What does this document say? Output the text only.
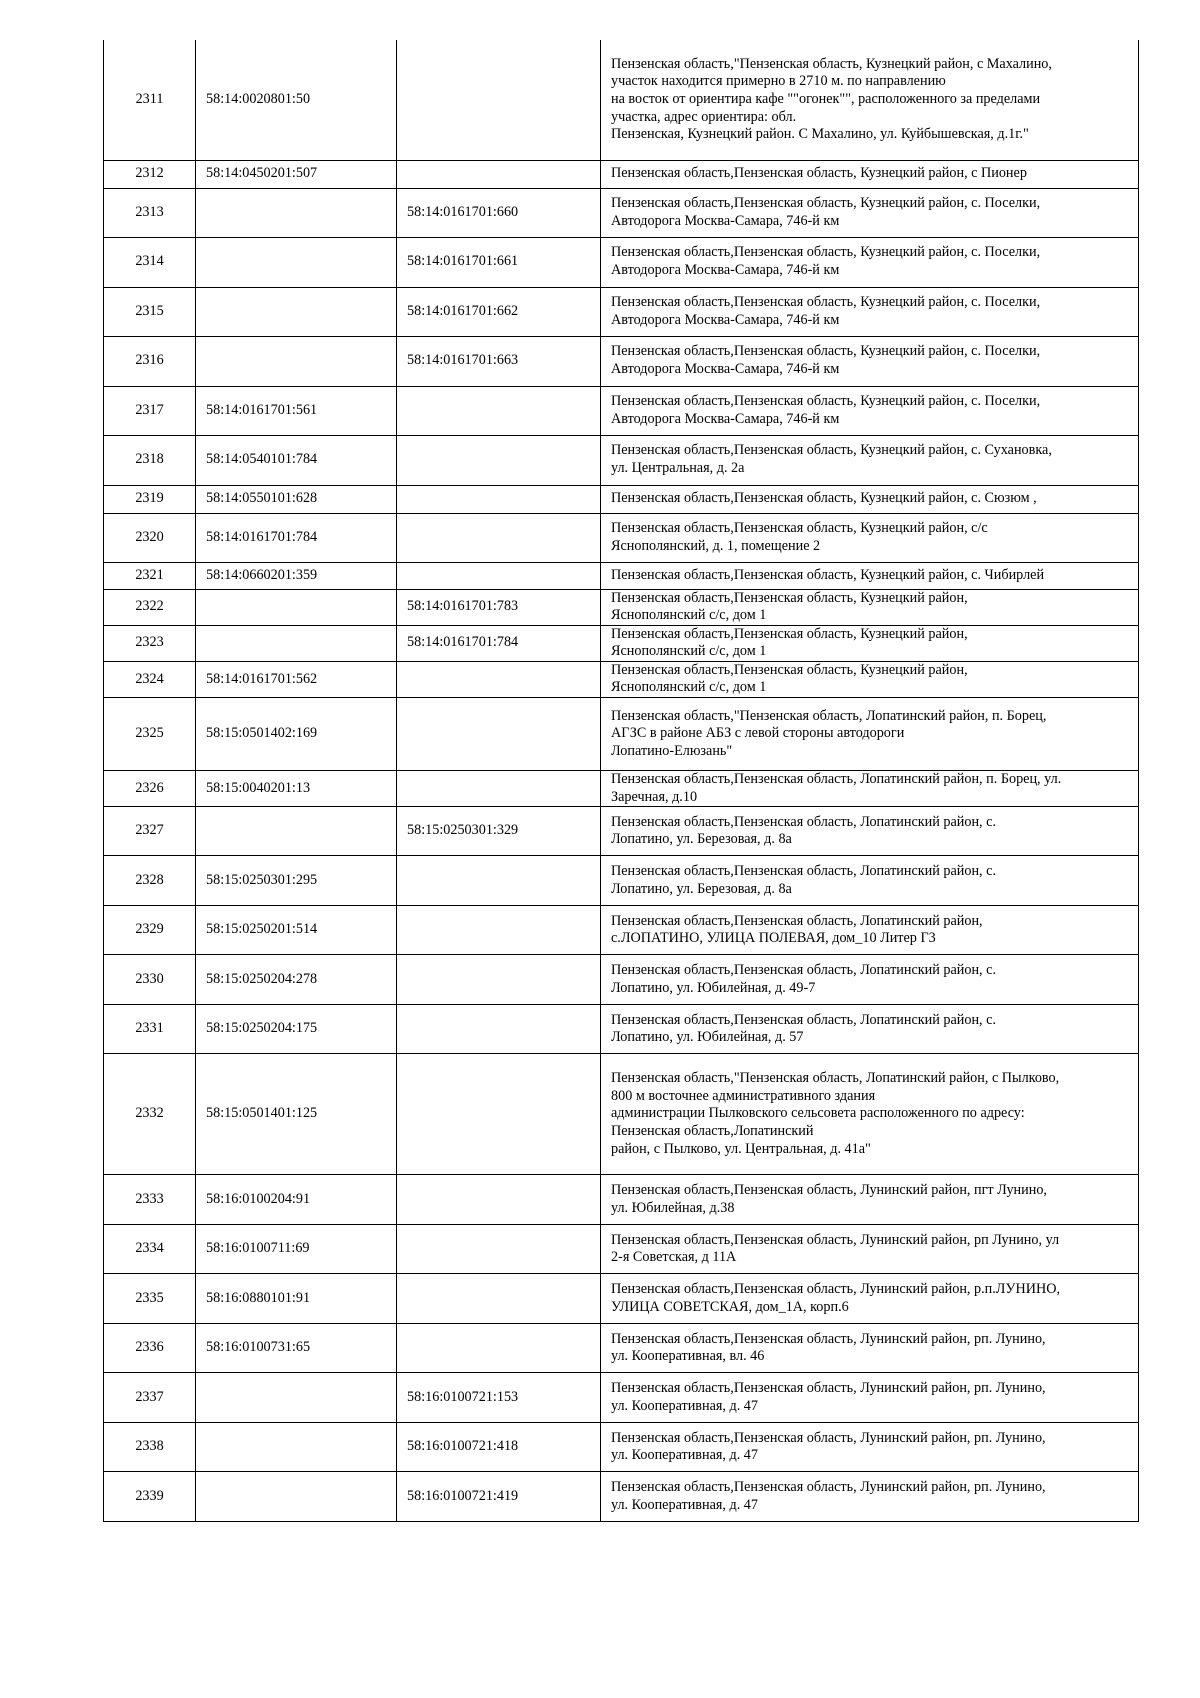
2311	58:14:0020801:50		Пензенская область,"Пензенская область, Кузнецкий район, с Махалино,
участок находится примерно в 2710 м. по направлению
на восток от ориентира кафе ""огонек"", расположенного за пределами
участка, адрес ориентира: обл.
Пензенская, Кузнецкий район. С Махалино, ул. Куйбышевская, д.1г."
2312	58:14:0450201:507		Пензенская область,Пензенская область, Кузнецкий район, с Пионер
2313		58:14:0161701:660	Пензенская область,Пензенская область, Кузнецкий район, с. Поселки,
Автодорога Москва-Самара, 746-й км
2314		58:14:0161701:661	Пензенская область,Пензенская область, Кузнецкий район, с. Поселки,
Автодорога Москва-Самара, 746-й км
2315		58:14:0161701:662	Пензенская область,Пензенская область, Кузнецкий район, с. Поселки,
Автодорога Москва-Самара, 746-й км
2316		58:14:0161701:663	Пензенская область,Пензенская область, Кузнецкий район, с. Поселки,
Автодорога Москва-Самара, 746-й км
2317	58:14:0161701:561		Пензенская область,Пензенская область, Кузнецкий район, с. Поселки,
Автодорога Москва-Самара, 746-й км
2318	58:14:0540101:784		Пензенская область,Пензенская область, Кузнецкий район, с. Сухановка,
ул. Центральная, д. 2а
2319	58:14:0550101:628		Пензенская область,Пензенская область, Кузнецкий район, с. Сюзюм ,
2320	58:14:0161701:784		Пензенская область,Пензенская область, Кузнецкий район, с/с
Яснополянский, д. 1, помещение 2
2321	58:14:0660201:359		Пензенская область,Пензенская область, Кузнецкий район, с. Чибирлей
2322		58:14:0161701:783	Пензенская область,Пензенская область, Кузнецкий район,
Яснополянский с/с, дом 1
2323		58:14:0161701:784	Пензенская область,Пензенская область, Кузнецкий район,
Яснополянский с/с, дом 1
2324	58:14:0161701:562		Пензенская область,Пензенская область, Кузнецкий район,
Яснополянский с/с, дом 1
2325	58:15:0501402:169		Пензенская область,"Пензенская область, Лопатинский район, п. Борец,
АГЗС в районе АБЗ с левой стороны автодороги
Лопатино-Елюзань"
2326	58:15:0040201:13		Пензенская область,Пензенская область, Лопатинский район, п. Борец, ул.
Заречная, д.10
2327		58:15:0250301:329	Пензенская область,Пензенская область, Лопатинский район, с.
Лопатино, ул. Березовая, д. 8а
2328	58:15:0250301:295		Пензенская область,Пензенская область, Лопатинский район, с.
Лопатино, ул. Березовая, д. 8а
2329	58:15:0250201:514		Пензенская область,Пензенская область, Лопатинский район,
с.ЛОПАТИНО, УЛИЦА ПОЛЕВАЯ, дом_10 Литер Г3
2330	58:15:0250204:278		Пензенская область,Пензенская область, Лопатинский район, с.
Лопатино, ул. Юбилейная, д. 49-7
2331	58:15:0250204:175		Пензенская область,Пензенская область, Лопатинский район, с.
Лопатино, ул. Юбилейная, д. 57
2332	58:15:0501401:125		Пензенская область,"Пензенская область, Лопатинский район, с Пылково,
800 м восточнее административного здания
администрации Пылковского сельсовета расположенного по адресу:
Пензенская область,Лопатинский
район, с Пылково, ул. Центральная, д. 41а"
2333	58:16:0100204:91		Пензенская область,Пензенская область, Лунинский район, пгт Лунино,
ул. Юбилейная, д.38
2334	58:16:0100711:69		Пензенская область,Пензенская область, Лунинский район, рп Лунино, ул
2-я Советская, д 11А
2335	58:16:0880101:91		Пензенская область,Пензенская область, Лунинский район, р.п.ЛУНИНО,
УЛИЦА СОВЕТСКАЯ, дом_1А, корп.6
2336	58:16:0100731:65		Пензенская область,Пензенская область, Лунинский район, рп. Лунино,
ул. Кооперативная, вл. 46
2337		58:16:0100721:153	Пензенская область,Пензенская область, Лунинский район, рп. Лунино,
ул. Кооперативная, д. 47
2338		58:16:0100721:418	Пензенская область,Пензенская область, Лунинский район, рп. Лунино,
ул. Кооперативная, д. 47
2339		58:16:0100721:419	Пензенская область,Пензенская область, Лунинский район, рп. Лунино,
ул. Кооперативная, д. 47
